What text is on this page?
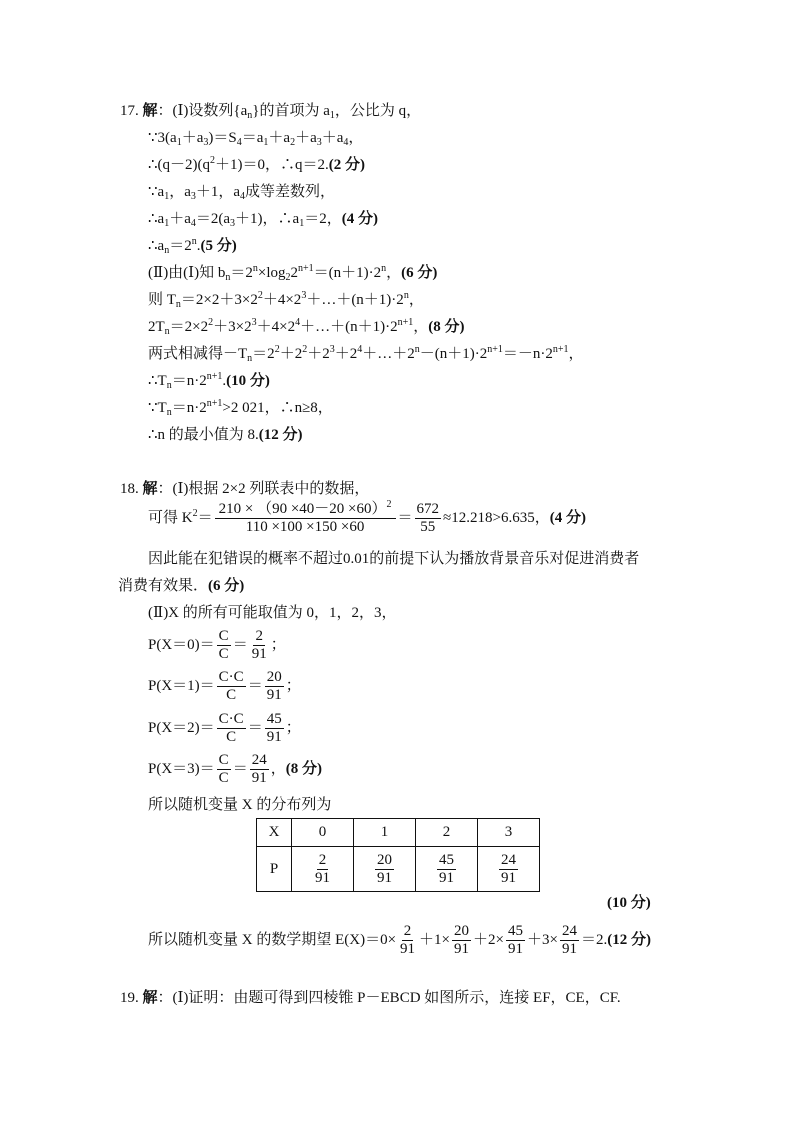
17. 解：(Ⅰ)设数列$\{a_n\}$的首项为 $a_1$，公比为 q，
$\because 3(a_1+a_3)=S_4=a_1+a_2+a_3+a_4$，
$\therefore(q-2)(q^2+1)=0$，∴q＝2.(2 分)
$\because a_1$，$a_3+1$，$a_4$成等差数列，
$\therefore a_1+a_4=2(a_3+1)$，$\therefore a_1=2$，(4 分)
$\therefore a_n=2^n.(5$ 分)
(Ⅱ)由(Ⅰ)知 $b_n=2^n\times\log_22^{n+1}=(n+1)\cdot 2^n$，(6 分)
则 $T_n=2\times 2+3\times 2^2+4\times 2^3+\dots+(n+1)\cdot 2^n$，
$2T_n=2\times 2^2+3\times 2^3+4\times 2^4+\dots+(n+1)\cdot 2^{n+1}$，(8 分)
两式相减得$-T_n=2^2+2^2+2^3+2^4+\dots+2^n-(n+1)\cdot 2^{n+1}=-n\cdot 2^{n+1}$，
$\therefore T_n=n\cdot 2^{n+1}.(10$ 分)
$\because T_n=n\cdot 2^{n+1}>2$ 021，∴n≥8，
∴n 的最小值为 8.(12 分)
18. 解：(Ⅰ)根据 2×2 列联表中的数据，
可得 $K^2= \frac{210 \times (90 \times 40-20 \times 60)^2}{110 \times 100 \times 150 \times 60} = \frac{672}{55} \approx 12.218>6.635$，(4 分)
因此能在犯错误的概率不超过0.01的前提下认为播放背景音乐对促进消费者
消费有效果．(6 分)
(Ⅱ)X 的所有可能取值为 0，1，2，3，
$P(X=0)= \frac{C}{C} = \frac{2}{91}$ ；
$P(X=1)= \frac{C\cdot C}{C} = \frac{20}{91}$ ；
$P(X=2)= \frac{C\cdot C}{C} = \frac{45}{91}$ ；
$P(X=3)= \frac{C}{C} = \frac{24}{91}$ ，(8 分)
所以随机变量 X 的分布列为
X	0	1	2	3
P	$\frac{2}{91}$	$\frac{20}{91}$	$\frac{45}{91}$	$\frac{24}{91}$
(10 分)
所以随机变量 X 的数学期望 $E(X)=0\times \frac{2}{91} +1\times \frac{20}{91} +2\times \frac{45}{91} +3\times \frac{24}{91} =2.(12$ 分)
19. 解：(Ⅰ)证明：由题可得到四棱锥 P－EBCD 如图所示，连接 EF，CE，CF.
